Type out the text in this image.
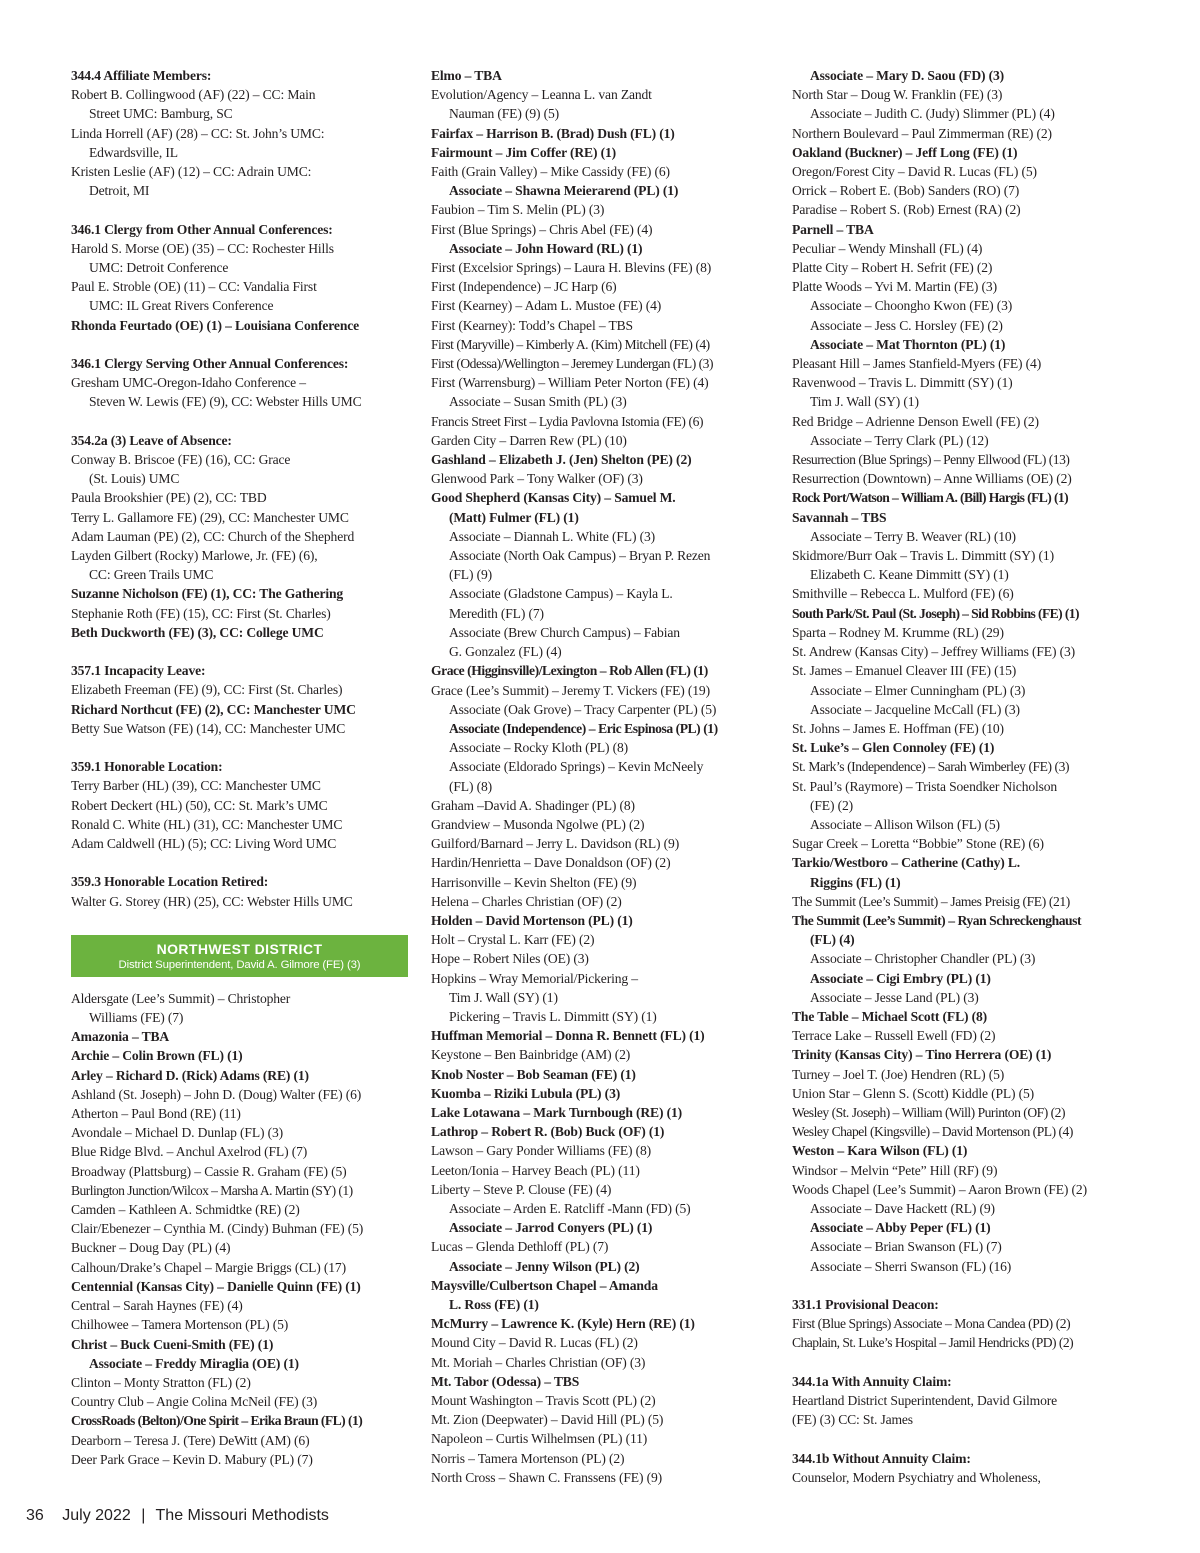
344.4 Affiliate Members:
Robert B. Collingwood (AF) (22) – CC: Main
Street UMC: Bamburg, SC
Linda Horrell (AF) (28) – CC: St. John’s UMC:
Edwardsville, IL
Kristen Leslie (AF) (12) – CC: Adrain UMC:
Detroit, MI
346.1 Clergy from Other Annual Conferences:
Harold S. Morse (OE) (35) – CC: Rochester Hills
UMC: Detroit Conference
Paul E. Stroble (OE) (11) – CC: Vandalia First
UMC: IL Great Rivers Conference
Rhonda Feurtado (OE) (1) – Louisiana Conference
346.1 Clergy Serving Other Annual Conferences:
Gresham UMC-Oregon-Idaho Conference –
Steven W. Lewis (FE) (9), CC: Webster Hills UMC
354.2a (3) Leave of Absence:
Conway B. Briscoe (FE) (16), CC: Grace
(St. Louis) UMC
Paula Brookshier (PE) (2), CC: TBD
Terry L. Gallamore FE) (29), CC: Manchester UMC
Adam Lauman (PE) (2), CC: Church of the Shepherd
Layden Gilbert (Rocky) Marlowe, Jr. (FE) (6),
CC: Green Trails UMC
Suzanne Nicholson (FE) (1), CC: The Gathering
Stephanie Roth (FE) (15), CC: First (St. Charles)
Beth Duckworth (FE) (3), CC: College UMC
357.1 Incapacity Leave:
Elizabeth Freeman (FE) (9), CC: First (St. Charles)
Richard Northcut (FE) (2), CC: Manchester UMC
Betty Sue Watson (FE) (14), CC: Manchester UMC
359.1 Honorable Location:
Terry Barber (HL) (39), CC: Manchester UMC
Robert Deckert (HL) (50), CC: St. Mark’s UMC
Ronald C. White (HL) (31), CC: Manchester UMC
Adam Caldwell (HL) (5); CC: Living Word UMC
359.3 Honorable Location Retired:
Walter G. Storey (HR) (25), CC: Webster Hills UMC
NORTHWEST DISTRICT
District Superintendent, David A. Gilmore (FE) (3)
Aldersgate (Lee’s Summit) – Christopher
Williams (FE) (7)
Amazonia – TBA
Archie – Colin Brown (FL) (1)
Arley – Richard D. (Rick) Adams (RE) (1)
Ashland (St. Joseph) – John D. (Doug) Walter (FE) (6)
Atherton – Paul Bond (RE) (11)
Avondale – Michael D. Dunlap (FL) (3)
Blue Ridge Blvd. – Anchul Axelrod (FL) (7)
Broadway (Plattsburg) – Cassie R. Graham (FE) (5)
Burlington Junction/Wilcox – Marsha A. Martin (SY) (1)
Camden – Kathleen A. Schmidtke (RE) (2)
Clair/Ebenezer – Cynthia M. (Cindy) Buhman (FE) (5)
Buckner – Doug Day (PL) (4)
Calhoun/Drake’s Chapel – Margie Briggs (CL) (17)
Centennial (Kansas City) – Danielle Quinn (FE) (1)
Central – Sarah Haynes (FE) (4)
Chilhowee – Tamera Mortenson (PL) (5)
Christ – Buck Cueni-Smith (FE) (1)
Associate – Freddy Miraglia (OE) (1)
Clinton – Monty Stratton (FL) (2)
Country Club – Angie Colina McNeil (FE) (3)
CrossRoads (Belton)/One Spirit – Erika Braun (FL) (1)
Dearborn – Teresa J. (Tere) DeWitt (AM) (6)
Deer Park Grace – Kevin D. Mabury (PL) (7)
Elmo – TBA
Evolution/Agency – Leanna L. van Zandt
Nauman (FE) (9) (5)
Fairfax – Harrison B. (Brad) Dush (FL) (1)
Fairmount – Jim Coffer (RE) (1)
Faith (Grain Valley) – Mike Cassidy (FE) (6)
Associate – Shawna Meierarend (PL) (1)
Faubion – Tim S. Melin (PL) (3)
First (Blue Springs) – Chris Abel (FE) (4)
Associate – John Howard (RL) (1)
First (Excelsior Springs) – Laura H. Blevins (FE) (8)
First (Independence) – JC Harp (6)
First (Kearney) – Adam L. Mustoe (FE) (4)
First (Kearney): Todd’s Chapel – TBS
First (Maryville) – Kimberly A. (Kim) Mitchell (FE) (4)
First (Odessa)/Wellington – Jeremey Lundergan (FL) (3)
First (Warrensburg) – William Peter Norton (FE) (4)
Associate – Susan Smith (PL) (3)
Francis Street First – Lydia Pavlovna Istomia (FE) (6)
Garden City – Darren Rew (PL) (10)
Gashland – Elizabeth J. (Jen) Shelton (PE) (2)
Glenwood Park – Tony Walker (OF) (3)
Good Shepherd (Kansas City) – Samuel M.
(Matt) Fulmer (FL) (1)
Associate – Diannah L. White (FL) (3)
Associate (North Oak Campus) – Bryan P. Rezen
(FL) (9)
Associate (Gladstone Campus) – Kayla L.
Meredith (FL) (7)
Associate (Brew Church Campus) – Fabian
G. Gonzalez (FL) (4)
Grace (Higginsville)/Lexington – Rob Allen (FL) (1)
Grace (Lee’s Summit) – Jeremy T. Vickers (FE) (19)
Associate (Oak Grove) – Tracy Carpenter (PL) (5)
Associate (Independence) – Eric Espinosa (PL) (1)
Associate – Rocky Kloth (PL) (8)
Associate (Eldorado Springs) – Kevin McNeely
(FL) (8)
Graham –David A. Shadinger (PL) (8)
Grandview – Musonda Ngolwe (PL) (2)
Guilford/Barnard – Jerry L. Davidson (RL) (9)
Hardin/Henrietta – Dave Donaldson (OF) (2)
Harrisonville – Kevin Shelton (FE) (9)
Helena – Charles Christian (OF) (2)
Holden – David Mortenson (PL) (1)
Holt – Crystal L. Karr (FE) (2)
Hope – Robert Niles (OE) (3)
Hopkins – Wray Memorial/Pickering –
Tim J. Wall (SY) (1)
Pickering – Travis L. Dimmitt (SY) (1)
Huffman Memorial – Donna R. Bennett (FL) (1)
Keystone – Ben Bainbridge (AM) (2)
Knob Noster – Bob Seaman (FE) (1)
Kuomba – Riziki Lubula (PL) (3)
Lake Lotawana – Mark Turnbough (RE) (1)
Lathrop – Robert R. (Bob) Buck (OF) (1)
Lawson – Gary Ponder Williams (FE) (8)
Leeton/Ionia – Harvey Beach (PL) (11)
Liberty – Steve P. Clouse (FE) (4)
Associate – Arden E. Ratcliff -Mann (FD) (5)
Associate – Jarrod Conyers (PL) (1)
Lucas – Glenda Dethloff (PL) (7)
Associate – Jenny Wilson (PL) (2)
Maysville/Culbertson Chapel – Amanda
L. Ross (FE) (1)
McMurry – Lawrence K. (Kyle) Hern (RE) (1)
Mound City – David R. Lucas (FL) (2)
Mt. Moriah – Charles Christian (OF) (3)
Mt. Tabor (Odessa) – TBS
Mount Washington – Travis Scott (PL) (2)
Mt. Zion (Deepwater) – David Hill (PL) (5)
Napoleon – Curtis Wilhelmsen (PL) (11)
Norris – Tamera Mortenson (PL) (2)
North Cross – Shawn C. Franssens (FE) (9)
Associate – Mary D. Saou (FD) (3)
North Star – Doug W. Franklin (FE) (3)
Associate – Judith C. (Judy) Slimmer (PL) (4)
Northern Boulevard – Paul Zimmerman (RE) (2)
Oakland (Buckner) – Jeff Long (FE) (1)
Oregon/Forest City – David R. Lucas (FL) (5)
Orrick – Robert E. (Bob) Sanders (RO) (7)
Paradise – Robert S. (Rob) Ernest (RA) (2)
Parnell – TBA
Peculiar – Wendy Minshall (FL) (4)
Platte City – Robert H. Sefrit (FE) (2)
Platte Woods – Yvi M. Martin (FE) (3)
Associate – Choongho Kwon (FE) (3)
Associate – Jess C. Horsley (FE) (2)
Associate – Mat Thornton (PL) (1)
Pleasant Hill – James Stanfield-Myers (FE) (4)
Ravenwood – Travis L. Dimmitt (SY) (1)
Tim J. Wall (SY) (1)
Red Bridge – Adrienne Denson Ewell (FE) (2)
Associate – Terry Clark (PL) (12)
Resurrection (Blue Springs) – Penny Ellwood (FL) (13)
Resurrection (Downtown) – Anne Williams (OE) (2)
Rock Port/Watson – William A. (Bill) Hargis (FL) (1)
Savannah – TBS
Associate – Terry B. Weaver (RL) (10)
Skidmore/Burr Oak – Travis L. Dimmitt (SY) (1)
Elizabeth C. Keane Dimmitt (SY) (1)
Smithville – Rebecca L. Mulford (FE) (6)
South Park/St. Paul (St. Joseph) – Sid Robbins (FE) (1)
Sparta – Rodney M. Krumme (RL) (29)
St. Andrew (Kansas City) – Jeffrey Williams (FE) (3)
St. James – Emanuel Cleaver III (FE) (15)
Associate – Elmer Cunningham (PL) (3)
Associate – Jacqueline McCall (FL) (3)
St. Johns – James E. Hoffman (FE) (10)
St. Luke’s – Glen Connoley (FE) (1)
St. Mark’s (Independence) – Sarah Wimberley (FE) (3)
St. Paul’s (Raymore) – Trista Soendker Nicholson
(FE) (2)
Associate – Allison Wilson (FL) (5)
Sugar Creek – Loretta “Bobbie” Stone (RE) (6)
Tarkio/Westboro – Catherine (Cathy) L.
Riggins (FL) (1)
The Summit (Lee’s Summit) – James Preisig (FE) (21)
The Summit (Lee’s Summit) – Ryan Schreckenghaust
(FL) (4)
Associate – Christopher Chandler (PL) (3)
Associate – Cigi Embry (PL) (1)
Associate – Jesse Land (PL) (3)
The Table – Michael Scott (FL) (8)
Terrace Lake – Russell Ewell (FD) (2)
Trinity (Kansas City) – Tino Herrera (OE) (1)
Turney – Joel T. (Joe) Hendren (RL) (5)
Union Star – Glenn S. (Scott) Kiddle (PL) (5)
Wesley (St. Joseph) – William (Will) Purinton (OF) (2)
Wesley Chapel (Kingsville) – David Mortenson (PL) (4)
Weston – Kara Wilson (FL) (1)
Windsor – Melvin “Pete” Hill (RF) (9)
Woods Chapel (Lee’s Summit) – Aaron Brown (FE) (2)
Associate – Dave Hackett (RL) (9)
Associate – Abby Peper (FL) (1)
Associate – Brian Swanson (FL) (7)
Associate – Sherri Swanson (FL) (16)
331.1 Provisional Deacon:
First (Blue Springs) Associate – Mona Candea (PD) (2)
Chaplain, St. Luke’s Hospital – Jamil Hendricks (PD) (2)
344.1a With Annuity Claim:
Heartland District Superintendent, David Gilmore
(FE) (3) CC: St. James
344.1b Without Annuity Claim:
Counselor, Modern Psychiatry and Wholeness,
36 July 2022 | The Missouri Methodists
